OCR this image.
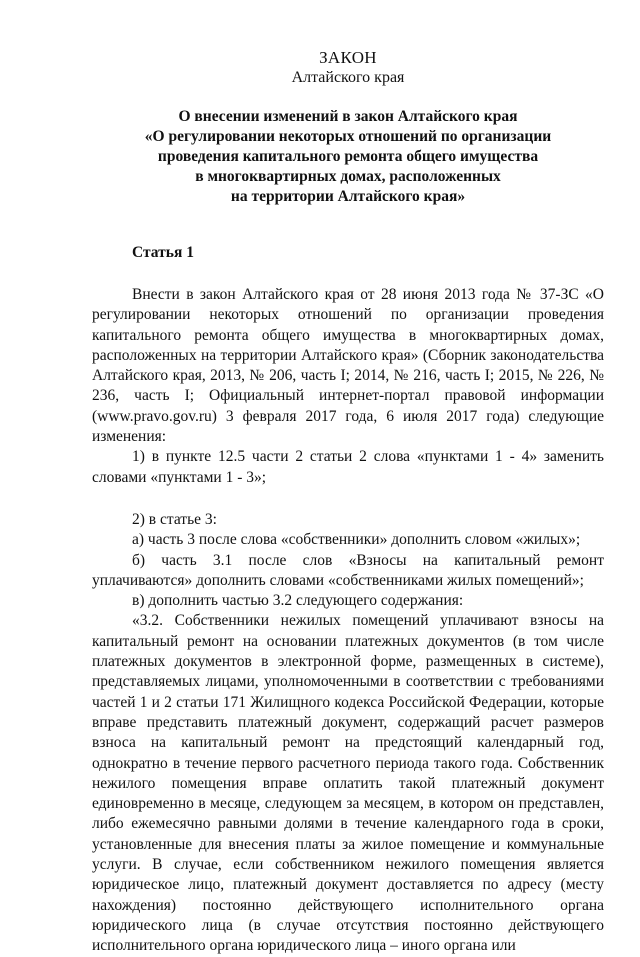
ЗАКОН

Алтайского края

О внесении изменений в закон Алтайского края
«О регулировании некоторых отношений по организации
проведения капитального ремонта общего имущества
в многоквартирных домах, расположенных
на территории Алтайского края»

Статья 1

Внести в закон Алтайского края от 28 июня 2013 года № 37-ЗС «О регулировании некоторых отношений по организации проведения капитального ремонта общего имущества в многоквартирных домах, расположенных на территории Алтайского края» (Сборник законодательства Алтайского края, 2013, № 206, часть I; 2014, № 216, часть I; 2015, № 226, № 236, часть I; Официальный интернет-портал правовой информации (www.pravo.gov.ru) 3 февраля 2017 года, 6 июля 2017 года) следующие изменения:

1) в пункте 12.5 части 2 статьи 2 слова «пунктами 1 - 4» заменить словами «пунктами 1 - 3»;

2) в статье 3:

а) часть 3 после слова «собственники» дополнить словом «жилых»;

б) часть 3.1 после слов «Взносы на капитальный ремонт уплачиваются» дополнить словами «собственниками жилых помещений»;

в) дополнить частью 3.2 следующего содержания:

«3.2. Собственники нежилых помещений уплачивают взносы на капитальный ремонт на основании платежных документов (в том числе платежных документов в электронной форме, размещенных в системе), представляемых лицами, уполномоченными в соответствии с требованиями частей 1 и 2 статьи 171 Жилищного кодекса Российской Федерации, которые вправе представить платежный документ, содержащий расчет размеров взноса на капитальный ремонт на предстоящий календарный год, однократно в течение первого расчетного периода такого года. Собственник нежилого помещения вправе оплатить такой платежный документ единовременно в месяце, следующем за месяцем, в котором он представлен, либо ежемесячно равными долями в течение календарного года в сроки, установленные для внесения платы за жилое помещение и коммунальные услуги. В случае, если собственником нежилого помещения является юридическое лицо, платежный документ доставляется по адресу (месту нахождения) постоянно действующего исполнительного органа юридического лица (в случае отсутствия постоянно действующего исполнительного органа юридического лица – иного органа или
